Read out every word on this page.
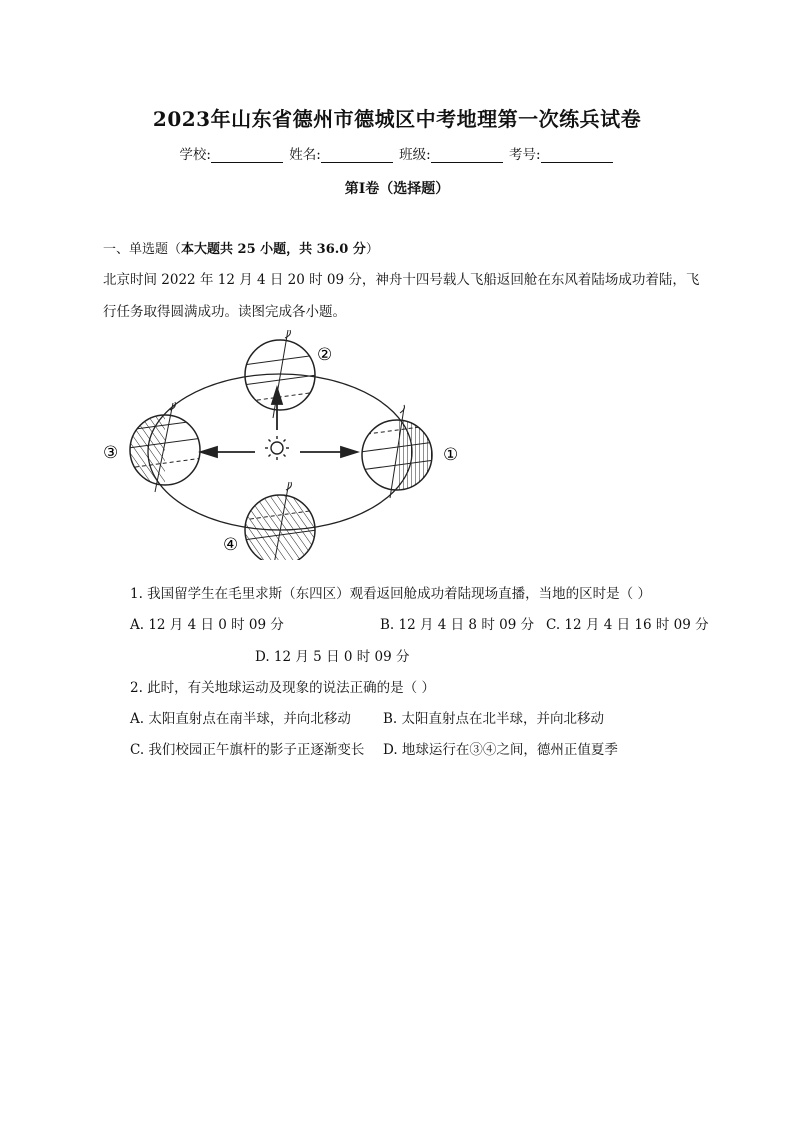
2023年山东省德州市德城区中考地理第一次练兵试卷
学校:	姓名:	班级:	考号:
第I卷（选择题）
一、单选题（本大题共 25 小题，共 36.0 分）
北京时间 2022 年 12 月 4 日 20 时 09 分，神舟十四号载人飞船返回舱在东风着陆场成功着陆，飞
行任务取得圆满成功。读图完成各小题。
①
②
③
④
1. 我国留学生在毛里求斯（东四区）观看返回舱成功着陆现场直播，当地的区时是（ ）
A. 12 月 4 日 0 时 09 分	B. 12 月 4 日 8 时 09 分 C. 12 月 4 日 16 时 09 分
D. 12 月 5 日 0 时 09 分
2. 此时，有关地球运动及现象的说法正确的是（ ）
A. 太阳直射点在南半球，并向北移动 B. 太阳直射点在北半球，并向北移动
C. 我们校园正午旗杆的影子正逐渐变长 D. 地球运行在③④之间，德州正值夏季
